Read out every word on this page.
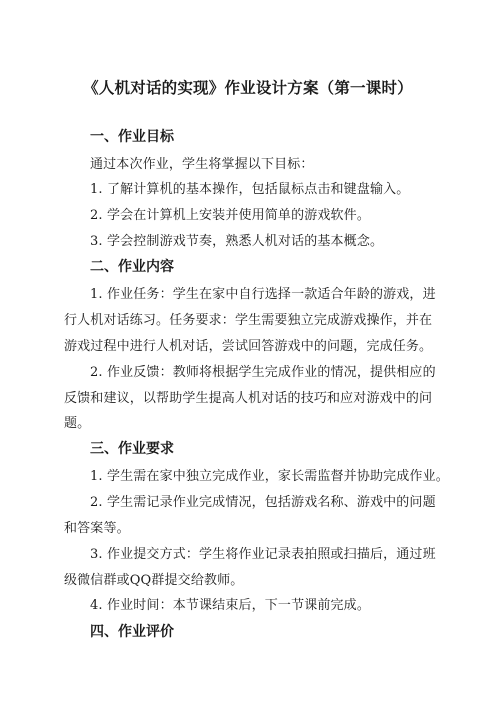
《人机对话的实现》作业设计方案（第一课时）
一、作业目标
通过本次作业，学生将掌握以下目标：
1. 了解计算机的基本操作，包括鼠标点击和键盘输入。
2. 学会在计算机上安装并使用简单的游戏软件。
3. 学会控制游戏节奏，熟悉人机对话的基本概念。
二、作业内容
1. 作业任务：学生在家中自行选择一款适合年龄的游戏，进
行人机对话练习。任务要求：学生需要独立完成游戏操作，并在
游戏过程中进行人机对话，尝试回答游戏中的问题，完成任务。
2. 作业反馈：教师将根据学生完成作业的情况，提供相应的
反馈和建议，以帮助学生提高人机对话的技巧和应对游戏中的问
题。
三、作业要求
1. 学生需在家中独立完成作业，家长需监督并协助完成作业。
2. 学生需记录作业完成情况，包括游戏名称、游戏中的问题
和答案等。
3. 作业提交方式：学生将作业记录表拍照或扫描后，通过班
级微信群或QQ群提交给教师。
4. 作业时间：本节课结束后，下一节课前完成。
四、作业评价
